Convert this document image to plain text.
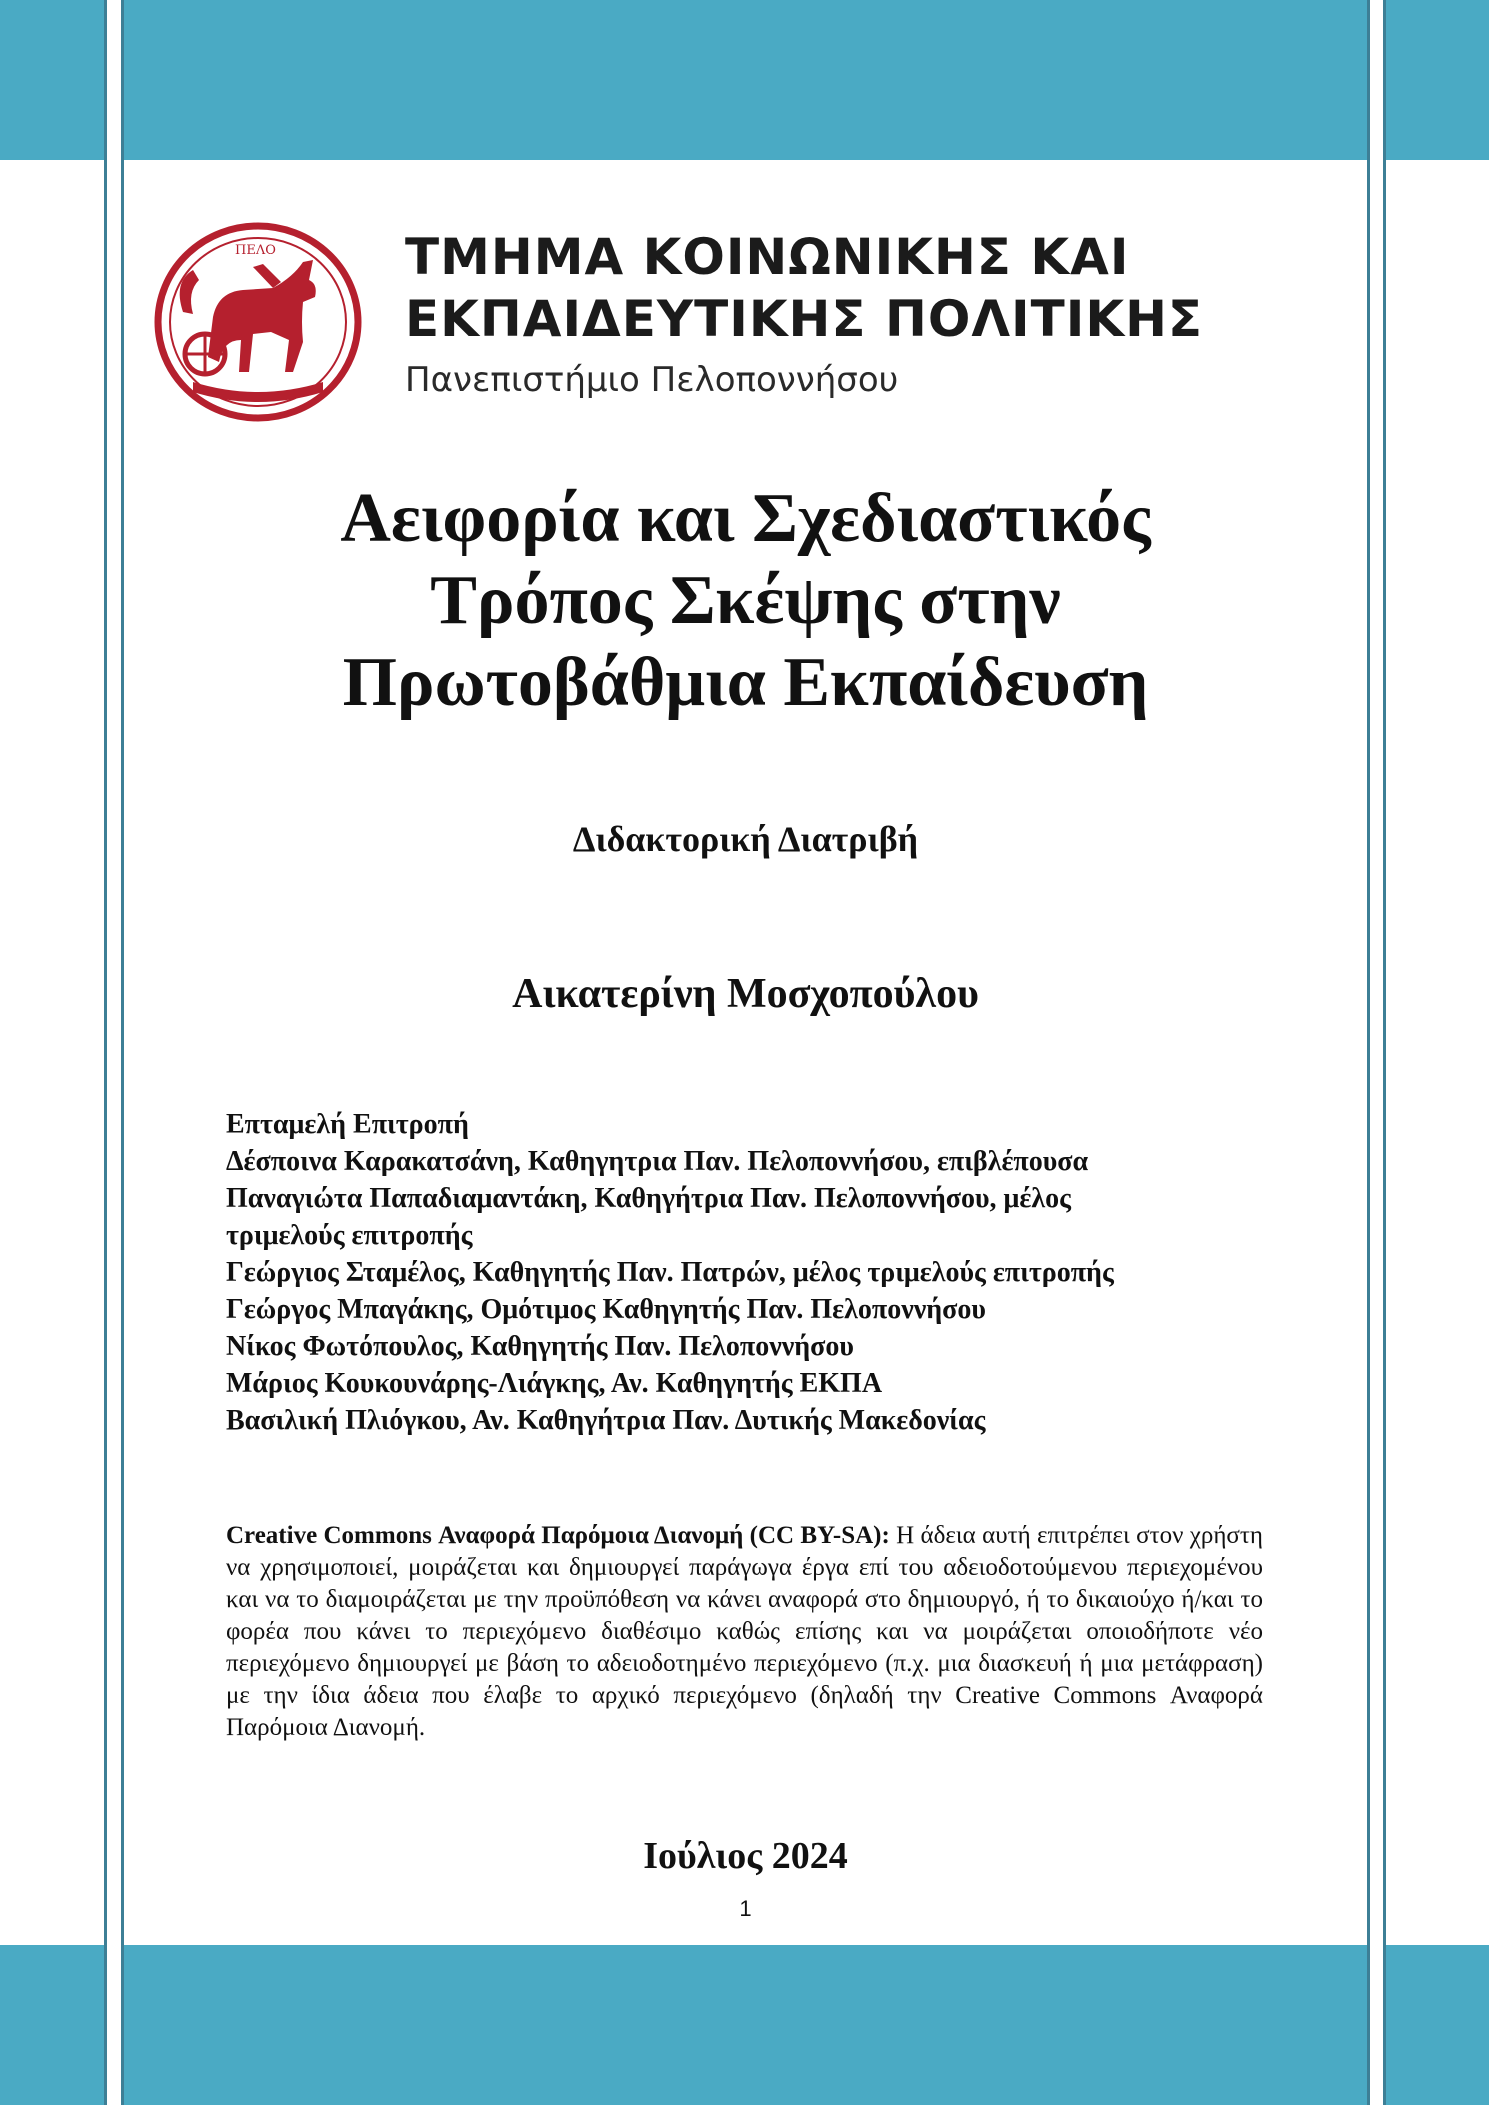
ΠΕΛΟ	ΤΜΗΜΑ ΚΟΙΝΩΝΙΚΗΣ ΚΑΙ
ΕΚΠΑΙΔΕΥΤΙΚΗΣ ΠΟΛΙΤΙΚΗΣ
Πανεπιστήμιο Πελοποννήσου
Αειφορία και Σχεδιαστικός
Τρόπος Σκέψης στην
Πρωτοβάθμια Εκπαίδευση
Διδακτορική Διατριβή
Αικατερίνη Μοσχοπούλου
Επταμελή Επιτροπή
Δέσποινα Καρακατσάνη, Καθηγητρια Παν. Πελοποννήσου, επιβλέπουσα
Παναγιώτα Παπαδιαμαντάκη, Καθηγήτρια Παν. Πελοποννήσου, μέλος
τριμελούς επιτροπής
Γεώργιος Σταμέλος, Καθηγητής Παν. Πατρών, μέλος τριμελούς επιτροπής
Γεώργος Μπαγάκης, Ομότιμος Καθηγητής Παν. Πελοποννήσου
Νίκος Φωτόπουλος, Καθηγητής Παν. Πελοποννήσου
Μάριος Κουκουνάρης-Λιάγκης, Αν. Καθηγητής ΕΚΠΑ
Βασιλική Πλιόγκου, Αν. Καθηγήτρια Παν. Δυτικής Μακεδονίας
Creative Commons Αναφορά Παρόμοια Διανομή (CC BY-SA): Η άδεια αυτή επιτρέπει στον χρήστη να χρησιμοποιεί, μοιράζεται και δημιουργεί παράγωγα έργα επί του αδειοδοτούμενου περιεχομένου και να το διαμοιράζεται με την προϋπόθεση να κάνει αναφορά στο δημιουργό, ή το δικαιούχο ή/και το φορέα που κάνει το περιεχόμενο διαθέσιμο καθώς επίσης και να μοιράζεται οποιοδήποτε νέο περιεχόμενο δημιουργεί με βάση το αδειοδοτημένο περιεχόμενο (π.χ. μια διασκευή ή μια μετάφραση) με την ίδια άδεια που έλαβε το αρχικό περιεχόμενο (δηλαδή την Creative Commons Αναφορά Παρόμοια Διανομή.
Ιούλιος 2024
1
